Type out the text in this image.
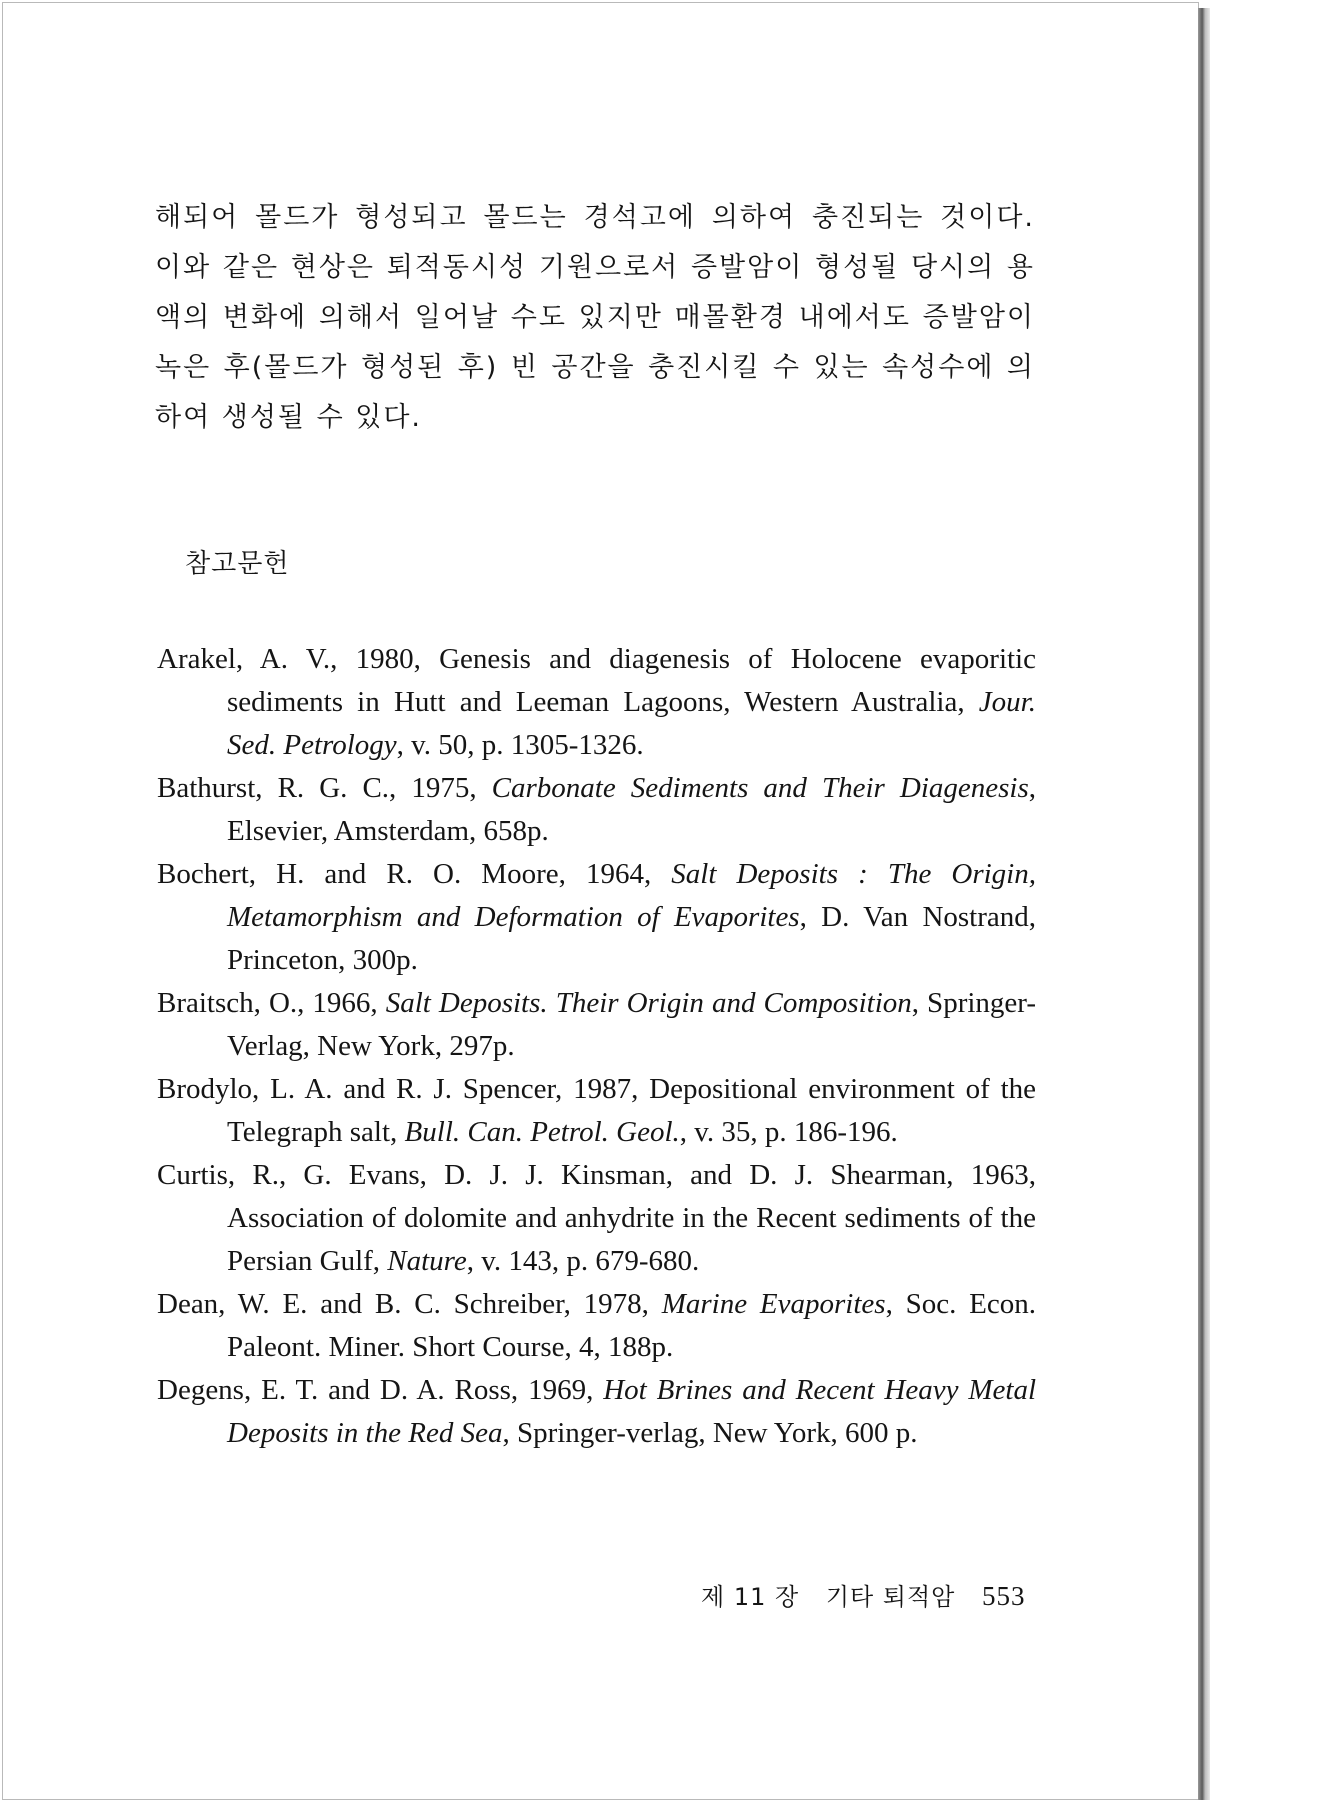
해되어 몰드가 형성되고 몰드는 경석고에 의하여 충진되는 것이다. 이와 같은 현상은 퇴적동시성 기원으로서 증발암이 형성될 당시의 용액의 변화에 의해서 일어날 수도 있지만 매몰환경 내에서도 증발암이 녹은 후(몰드가 형성된 후) 빈 공간을 충진시킬 수 있는 속성수에 의하여 생성될 수 있다.

참고문헌
Arakel, A. V., 1980, Genesis and diagenesis of Holocene evaporitic sediments in Hutt and Leeman Lagoons, Western Australia, Jour. Sed. Petrology, v. 50, p. 1305-1326.
Bathurst, R. G. C., 1975, Carbonate Sediments and Their Diagenesis, Elsevier, Amsterdam, 658p.
Bochert, H. and R. O. Moore, 1964, Salt Deposits : The Origin, Metamorphism and Deformation of Evaporites, D. Van Nostrand, Princeton, 300p.
Braitsch, O., 1966, Salt Deposits. Their Origin and Composition, Springer-Verlag, New York, 297p.
Brodylo, L. A. and R. J. Spencer, 1987, Depositional environment of the Telegraph salt, Bull. Can. Petrol. Geol., v. 35, p. 186-196.
Curtis, R., G. Evans, D. J. J. Kinsman, and D. J. Shearman, 1963, Association of dolomite and anhydrite in the Recent sediments of the Persian Gulf, Nature, v. 143, p. 679-680.
Dean, W. E. and B. C. Schreiber, 1978, Marine Evaporites, Soc. Econ. Paleont. Miner. Short Course, 4, 188p.
Degens, E. T. and D. A. Ross, 1969, Hot Brines and Recent Heavy Metal Deposits in the Red Sea, Springer-verlag, New York, 600 p.
제 11 장 기타 퇴적암 553
